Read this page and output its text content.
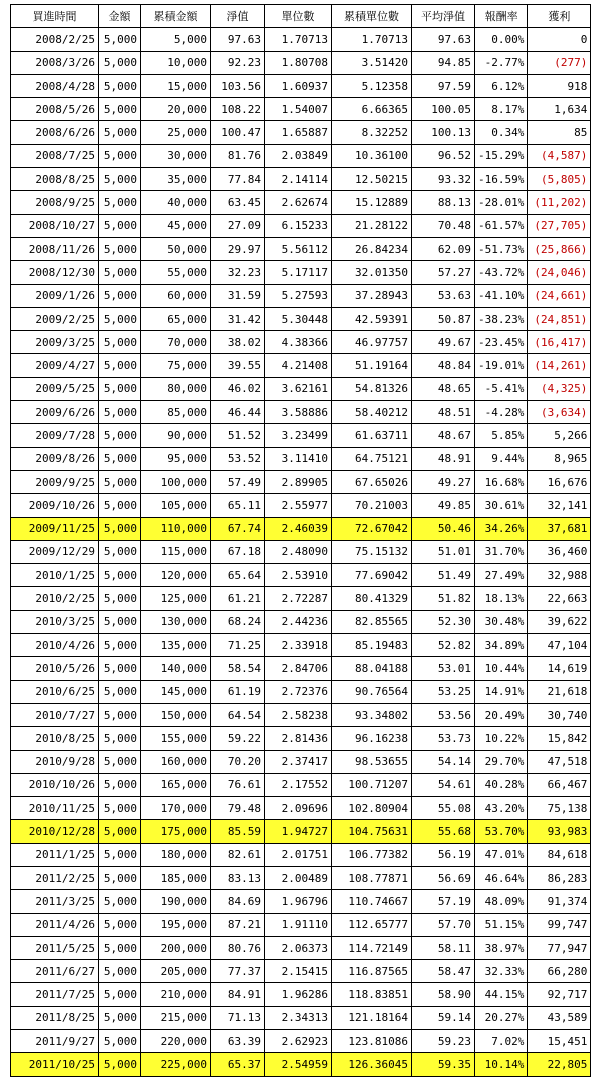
買進時間	金額	累積金額	淨值	單位數	累積單位數	平均淨值	報酬率	獲利
2008/2/25	5,000	5,000	97.63	1.70713	1.70713	97.63	0.00%	0
2008/3/26	5,000	10,000	92.23	1.80708	3.51420	94.85	-2.77%	(277)
2008/4/28	5,000	15,000	103.56	1.60937	5.12358	97.59	6.12%	918
2008/5/26	5,000	20,000	108.22	1.54007	6.66365	100.05	8.17%	1,634
2008/6/26	5,000	25,000	100.47	1.65887	8.32252	100.13	0.34%	85
2008/7/25	5,000	30,000	81.76	2.03849	10.36100	96.52	-15.29%	(4,587)
2008/8/25	5,000	35,000	77.84	2.14114	12.50215	93.32	-16.59%	(5,805)
2008/9/25	5,000	40,000	63.45	2.62674	15.12889	88.13	-28.01%	(11,202)
2008/10/27	5,000	45,000	27.09	6.15233	21.28122	70.48	-61.57%	(27,705)
2008/11/26	5,000	50,000	29.97	5.56112	26.84234	62.09	-51.73%	(25,866)
2008/12/30	5,000	55,000	32.23	5.17117	32.01350	57.27	-43.72%	(24,046)
2009/1/26	5,000	60,000	31.59	5.27593	37.28943	53.63	-41.10%	(24,661)
2009/2/25	5,000	65,000	31.42	5.30448	42.59391	50.87	-38.23%	(24,851)
2009/3/25	5,000	70,000	38.02	4.38366	46.97757	49.67	-23.45%	(16,417)
2009/4/27	5,000	75,000	39.55	4.21408	51.19164	48.84	-19.01%	(14,261)
2009/5/25	5,000	80,000	46.02	3.62161	54.81326	48.65	-5.41%	(4,325)
2009/6/26	5,000	85,000	46.44	3.58886	58.40212	48.51	-4.28%	(3,634)
2009/7/28	5,000	90,000	51.52	3.23499	61.63711	48.67	5.85%	5,266
2009/8/26	5,000	95,000	53.52	3.11410	64.75121	48.91	9.44%	8,965
2009/9/25	5,000	100,000	57.49	2.89905	67.65026	49.27	16.68%	16,676
2009/10/26	5,000	105,000	65.11	2.55977	70.21003	49.85	30.61%	32,141
2009/11/25	5,000	110,000	67.74	2.46039	72.67042	50.46	34.26%	37,681
2009/12/29	5,000	115,000	67.18	2.48090	75.15132	51.01	31.70%	36,460
2010/1/25	5,000	120,000	65.64	2.53910	77.69042	51.49	27.49%	32,988
2010/2/25	5,000	125,000	61.21	2.72287	80.41329	51.82	18.13%	22,663
2010/3/25	5,000	130,000	68.24	2.44236	82.85565	52.30	30.48%	39,622
2010/4/26	5,000	135,000	71.25	2.33918	85.19483	52.82	34.89%	47,104
2010/5/26	5,000	140,000	58.54	2.84706	88.04188	53.01	10.44%	14,619
2010/6/25	5,000	145,000	61.19	2.72376	90.76564	53.25	14.91%	21,618
2010/7/27	5,000	150,000	64.54	2.58238	93.34802	53.56	20.49%	30,740
2010/8/25	5,000	155,000	59.22	2.81436	96.16238	53.73	10.22%	15,842
2010/9/28	5,000	160,000	70.20	2.37417	98.53655	54.14	29.70%	47,518
2010/10/26	5,000	165,000	76.61	2.17552	100.71207	54.61	40.28%	66,467
2010/11/25	5,000	170,000	79.48	2.09696	102.80904	55.08	43.20%	75,138
2010/12/28	5,000	175,000	85.59	1.94727	104.75631	55.68	53.70%	93,983
2011/1/25	5,000	180,000	82.61	2.01751	106.77382	56.19	47.01%	84,618
2011/2/25	5,000	185,000	83.13	2.00489	108.77871	56.69	46.64%	86,283
2011/3/25	5,000	190,000	84.69	1.96796	110.74667	57.19	48.09%	91,374
2011/4/26	5,000	195,000	87.21	1.91110	112.65777	57.70	51.15%	99,747
2011/5/25	5,000	200,000	80.76	2.06373	114.72149	58.11	38.97%	77,947
2011/6/27	5,000	205,000	77.37	2.15415	116.87565	58.47	32.33%	66,280
2011/7/25	5,000	210,000	84.91	1.96286	118.83851	58.90	44.15%	92,717
2011/8/25	5,000	215,000	71.13	2.34313	121.18164	59.14	20.27%	43,589
2011/9/27	5,000	220,000	63.39	2.62923	123.81086	59.23	7.02%	15,451
2011/10/25	5,000	225,000	65.37	2.54959	126.36045	59.35	10.14%	22,805
